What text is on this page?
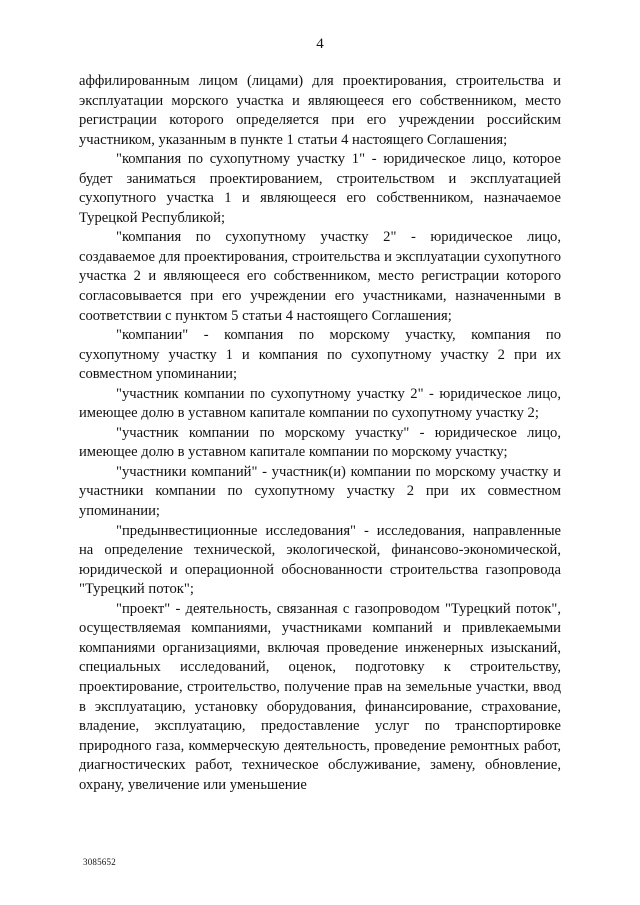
4

аффилированным лицом (лицами) для проектирования, строительства и эксплуатации морского участка и являющееся его собственником, место регистрации которого определяется при его учреждении российским участником, указанным в пункте 1 статьи 4 настоящего Соглашения;

"компания по сухопутному участку 1" - юридическое лицо, которое будет заниматься проектированием, строительством и эксплуатацией сухопутного участка 1 и являющееся его собственником, назначаемое Турецкой Республикой;

"компания по сухопутному участку 2" - юридическое лицо, создаваемое для проектирования, строительства и эксплуатации сухопутного участка 2 и являющееся его собственником, место регистрации которого согласовывается при его учреждении его участниками, назначенными в соответствии с пунктом 5 статьи 4 настоящего Соглашения;

"компании" - компания по морскому участку, компания по сухопутному участку 1 и компания по сухопутному участку 2 при их совместном упоминании;

"участник компании по сухопутному участку 2" - юридическое лицо, имеющее долю в уставном капитале компании по сухопутному участку 2;

"участник компании по морскому участку" - юридическое лицо, имеющее долю в уставном капитале компании по морскому участку;

"участники компаний" - участник(и) компании по морскому участку и участники компании по сухопутному участку 2 при их совместном упоминании;

"предынвестиционные исследования" - исследования, направленные на определение технической, экологической, финансово-экономической, юридической и операционной обоснованности строительства газопровода "Турецкий поток";

"проект" - деятельность, связанная с газопроводом "Турецкий поток", осуществляемая компаниями, участниками компаний и привлекаемыми компаниями организациями, включая проведение инженерных изысканий, специальных исследований, оценок, подготовку к строительству, проектирование, строительство, получение прав на земельные участки, ввод в эксплуатацию, установку оборудования, финансирование, страхование, владение, эксплуатацию, предоставление услуг по транспортировке природного газа, коммерческую деятельность, проведение ремонтных работ, диагностических работ, техническое обслуживание, замену, обновление, охрану, увеличение или уменьшение

3085652
